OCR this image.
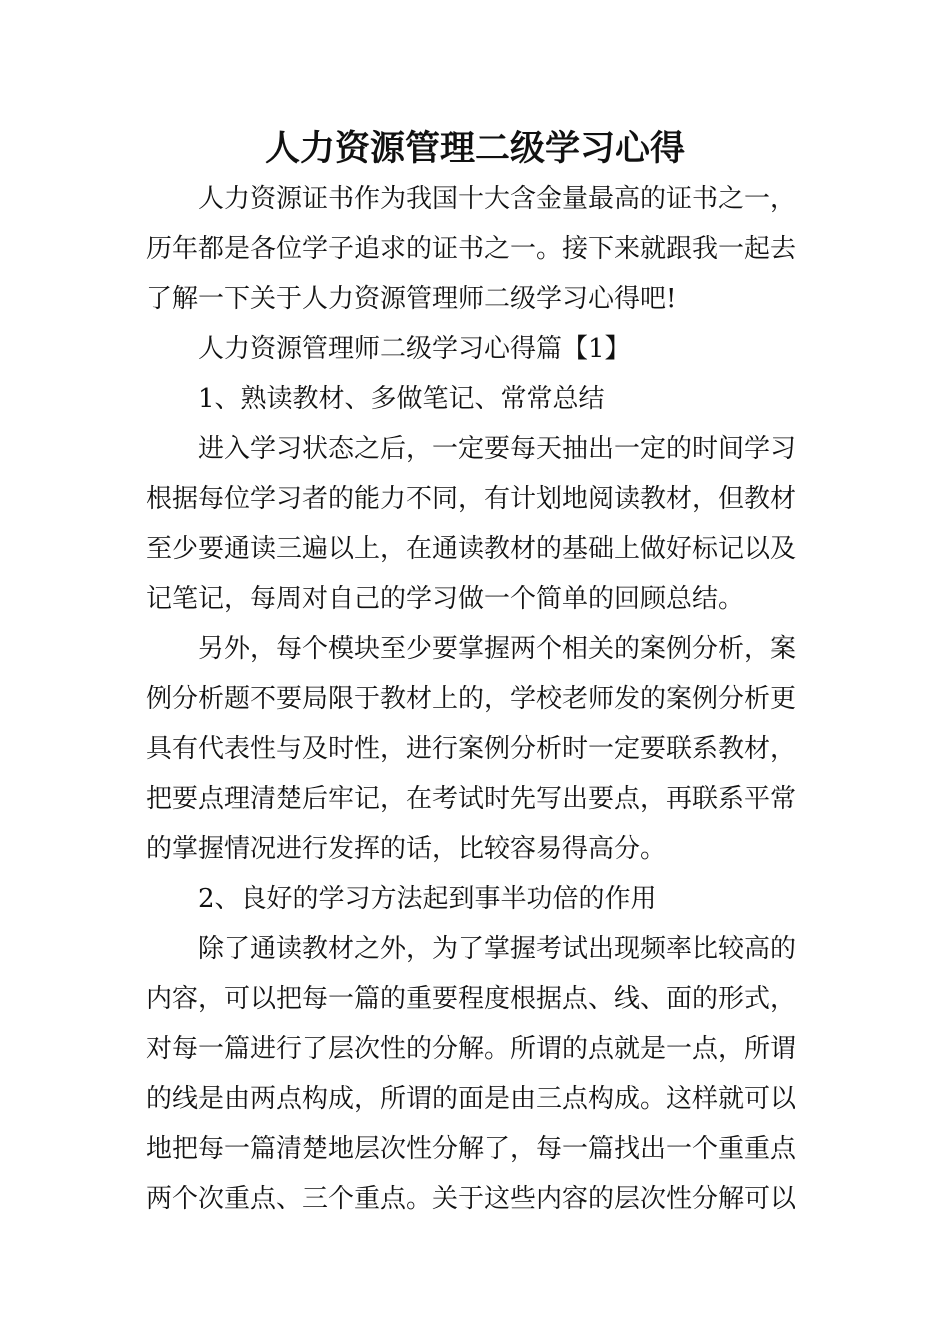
人力资源管理二级学习心得

人力资源证书作为我国十大含金量最高的证书之一，
历年都是各位学子追求的证书之一。接下来就跟我一起去
了解一下关于人力资源管理师二级学习心得吧!

人力资源管理师二级学习心得篇【1】

1、熟读教材、多做笔记、常常总结

进入学习状态之后，一定要每天抽出一定的时间学习
根据每位学习者的能力不同，有计划地阅读教材，但教材
至少要通读三遍以上，在通读教材的基础上做好标记以及
记笔记，每周对自己的学习做一个简单的回顾总结。

另外，每个模块至少要掌握两个相关的案例分析，案
例分析题不要局限于教材上的，学校老师发的案例分析更
具有代表性与及时性，进行案例分析时一定要联系教材，
把要点理清楚后牢记，在考试时先写出要点，再联系平常
的掌握情况进行发挥的话，比较容易得高分。

2、良好的学习方法起到事半功倍的作用

除了通读教材之外，为了掌握考试出现频率比较高的
内容，可以把每一篇的重要程度根据点、线、面的形式，
对每一篇进行了层次性的分解。所谓的点就是一点，所谓
的线是由两点构成，所谓的面是由三点构成。这样就可以
地把每一篇清楚地层次性分解了，每一篇找出一个重重点
两个次重点、三个重点。关于这些内容的层次性分解可以
